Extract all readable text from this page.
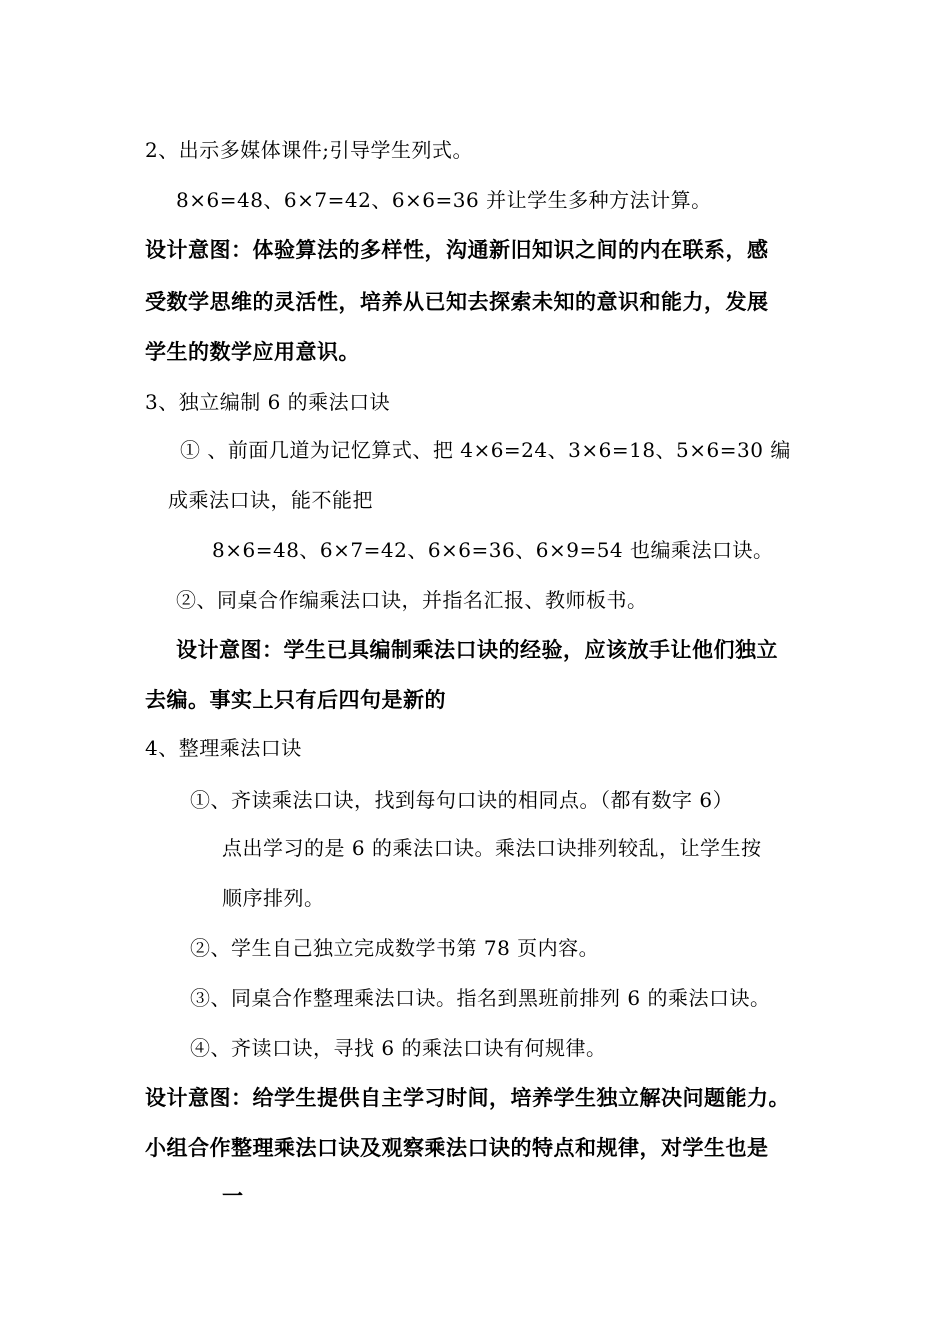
2、出示多媒体课件;引导学生列式。
8×6=48、6×7=42、6×6=36 并让学生多种方法计算。
设计意图：体验算法的多样性，沟通新旧知识之间的内在联系，感
受数学思维的灵活性，培养从已知去探索未知的意识和能力，发展
学生的数学应用意识。
3、独立编制 6 的乘法口诀
① 、前面几道为记忆算式、把 4×6=24、3×6=18、5×6=30 编
成乘法口诀，能不能把
8×6=48、6×7=42、6×6=36、6×9=54 也编乘法口诀。
②、同桌合作编乘法口诀，并指名汇报、教师板书。
设计意图：学生已具编制乘法口诀的经验，应该放手让他们独立
去编。事实上只有后四句是新的
4、整理乘法口诀
①、齐读乘法口诀，找到每句口诀的相同点。（都有数字 6）
点出学习的是 6 的乘法口诀。乘法口诀排列较乱，让学生按
顺序排列。
②、学生自己独立完成数学书第 78 页内容。
③、同桌合作整理乘法口诀。指名到黑班前排列 6 的乘法口诀。
④、齐读口诀，寻找 6 的乘法口诀有何规律。
设计意图：给学生提供自主学习时间，培养学生独立解决问题能力。
小组合作整理乘法口诀及观察乘法口诀的特点和规律，对学生也是
一
